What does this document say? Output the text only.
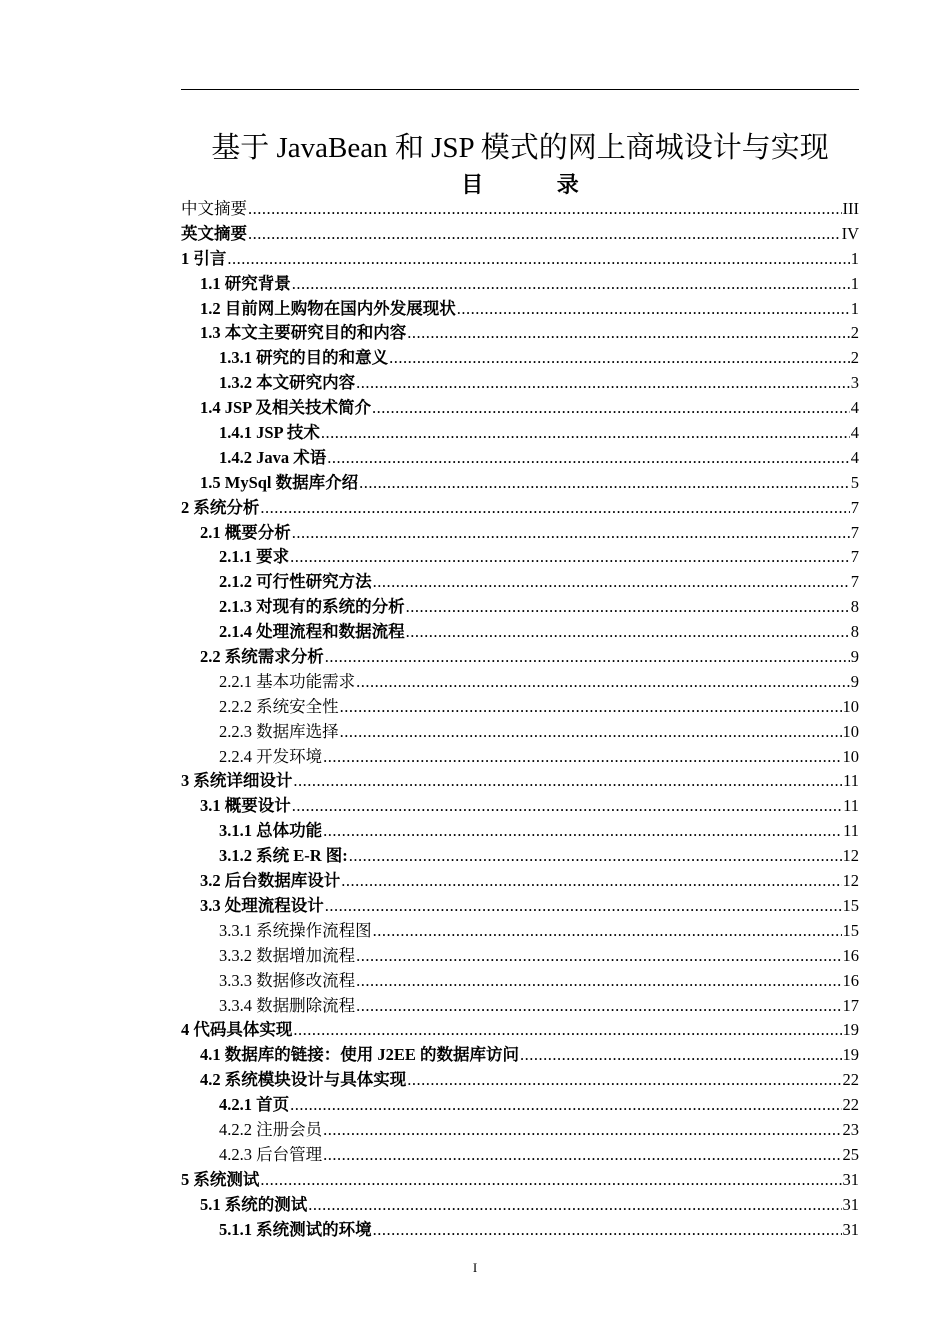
基于 JavaBean 和 JSP 模式的网上商城设计与实现
目 录
中文摘要 .....	III
英文摘要 .....	IV
1 引言 .....	1
1.1 研究背景 .....	1
1.2 目前网上购物在国内外发展现状 .....	1
1.3 本文主要研究目的和内容 .....	2
1.3.1 研究的目的和意义 .....	2
1.3.2 本文研究内容 .....	3
1.4 JSP 及相关技术简介 .....	4
1.4.1 JSP 技术 .....	4
1.4.2 Java 术语 .....	4
1.5 MySql 数据库介绍 .....	5
2 系统分析 .....	7
2.1 概要分析 .....	7
2.1.1 要求 .....	7
2.1.2 可行性研究方法 .....	7
2.1.3 对现有的系统的分析 .....	8
2.1.4 处理流程和数据流程 .....	8
2.2 系统需求分析 .....	9
2.2.1 基本功能需求 .....	9
2.2.2 系统安全性 .....	10
2.2.3 数据库选择 .....	10
2.2.4 开发环境 .....	10
3 系统详细设计 .....	11
3.1 概要设计 .....	11
3.1.1 总体功能 .....	11
3.1.2 系统 E-R 图: .....	12
3.2 后台数据库设计 .....	12
3.3 处理流程设计 .....	15
3.3.1 系统操作流程图 .....	15
3.3.2 数据增加流程 .....	16
3.3.3 数据修改流程 .....	16
3.3.4 数据删除流程 .....	17
4 代码具体实现 .....	19
4.1 数据库的链接：使用 J2EE 的数据库访问 .....	19
4.2 系统模块设计与具体实现 .....	22
4.2.1 首页 .....	22
4.2.2 注册会员 .....	23
4.2.3 后台管理 .....	25
5 系统测试 .....	31
5.1 系统的测试 .....	31
5.1.1 系统测试的环境 .....	31
I
